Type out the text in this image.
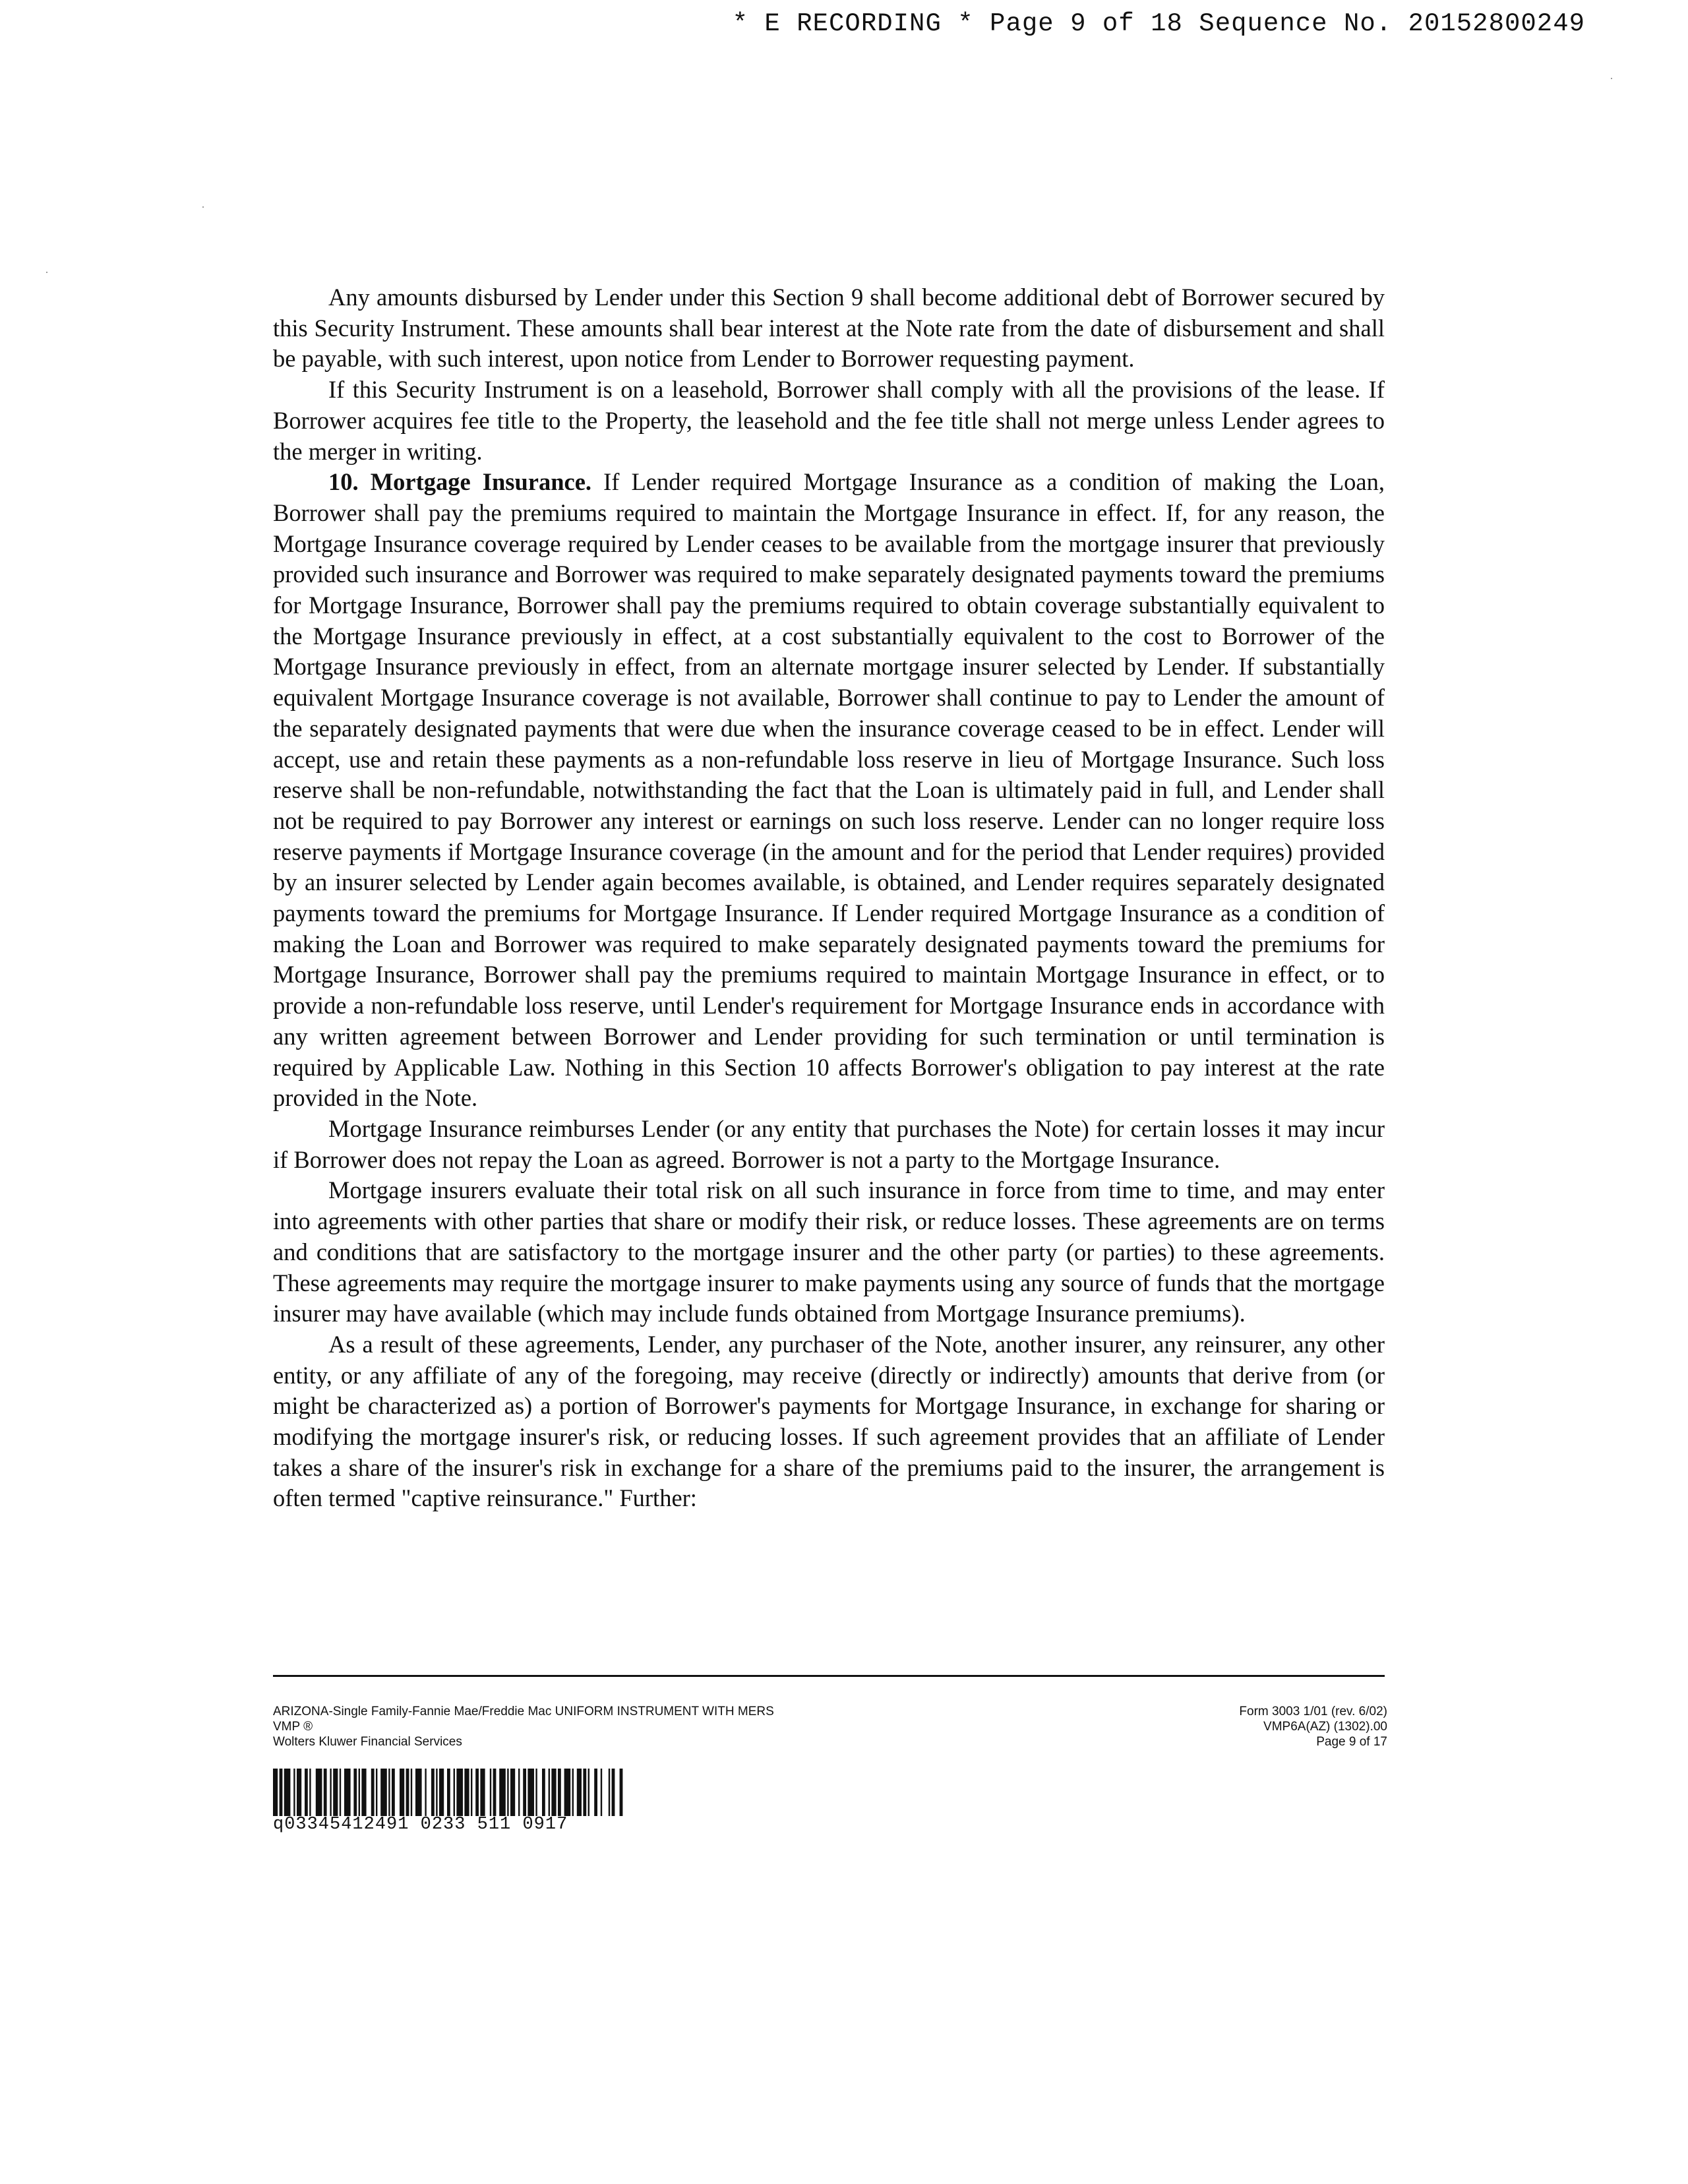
* E RECORDING * Page 9 of 18 Sequence No. 20152800249

Any amounts disbursed by Lender under this Section 9 shall become additional debt of Borrower secured by this Security Instrument. These amounts shall bear interest at the Note rate from the date of disbursement and shall be payable, with such interest, upon notice from Lender to Borrower requesting payment.

If this Security Instrument is on a leasehold, Borrower shall comply with all the provisions of the lease. If Borrower acquires fee title to the Property, the leasehold and the fee title shall not merge unless Lender agrees to the merger in writing.

10. Mortgage Insurance. If Lender required Mortgage Insurance as a condition of making the Loan, Borrower shall pay the premiums required to maintain the Mortgage Insurance in effect. If, for any reason, the Mortgage Insurance coverage required by Lender ceases to be available from the mortgage insurer that previously provided such insurance and Borrower was required to make separately designated payments toward the premiums for Mortgage Insurance, Borrower shall pay the premiums required to obtain coverage substantially equivalent to the Mortgage Insurance previously in effect, at a cost substantially equivalent to the cost to Borrower of the Mortgage Insurance previously in effect, from an alternate mortgage insurer selected by Lender. If substantially equivalent Mortgage Insurance coverage is not available, Borrower shall continue to pay to Lender the amount of the separately designated payments that were due when the insurance coverage ceased to be in effect. Lender will accept, use and retain these payments as a non-refundable loss reserve in lieu of Mortgage Insurance. Such loss reserve shall be non-refundable, notwithstanding the fact that the Loan is ultimately paid in full, and Lender shall not be required to pay Borrower any interest or earnings on such loss reserve. Lender can no longer require loss reserve payments if Mortgage Insurance coverage (in the amount and for the period that Lender requires) provided by an insurer selected by Lender again becomes available, is obtained, and Lender requires separately designated payments toward the premiums for Mortgage Insurance. If Lender required Mortgage Insurance as a condition of making the Loan and Borrower was required to make separately designated payments toward the premiums for Mortgage Insurance, Borrower shall pay the premiums required to maintain Mortgage Insurance in effect, or to provide a non-refundable loss reserve, until Lender's requirement for Mortgage Insurance ends in accordance with any written agreement between Borrower and Lender providing for such termination or until termination is required by Applicable Law. Nothing in this Section 10 affects Borrower's obligation to pay interest at the rate provided in the Note.

Mortgage Insurance reimburses Lender (or any entity that purchases the Note) for certain losses it may incur if Borrower does not repay the Loan as agreed. Borrower is not a party to the Mortgage Insurance.

Mortgage insurers evaluate their total risk on all such insurance in force from time to time, and may enter into agreements with other parties that share or modify their risk, or reduce losses. These agreements are on terms and conditions that are satisfactory to the mortgage insurer and the other party (or parties) to these agreements. These agreements may require the mortgage insurer to make payments using any source of funds that the mortgage insurer may have available (which may include funds obtained from Mortgage Insurance premiums).

As a result of these agreements, Lender, any purchaser of the Note, another insurer, any reinsurer, any other entity, or any affiliate of any of the foregoing, may receive (directly or indirectly) amounts that derive from (or might be characterized as) a portion of Borrower's payments for Mortgage Insurance, in exchange for sharing or modifying the mortgage insurer's risk, or reducing losses. If such agreement provides that an affiliate of Lender takes a share of the insurer's risk in exchange for a share of the premiums paid to the insurer, the arrangement is often termed "captive reinsurance." Further:

ARIZONA-Single Family-Fannie Mae/Freddie Mac UNIFORM INSTRUMENT WITH MERS
VMP ®
Wolters Kluwer Financial Services
Form 3003 1/01 (rev. 6/02)
VMP6A(AZ) (1302).00
Page 9 of 17
q03345412491 0233 511 0917
